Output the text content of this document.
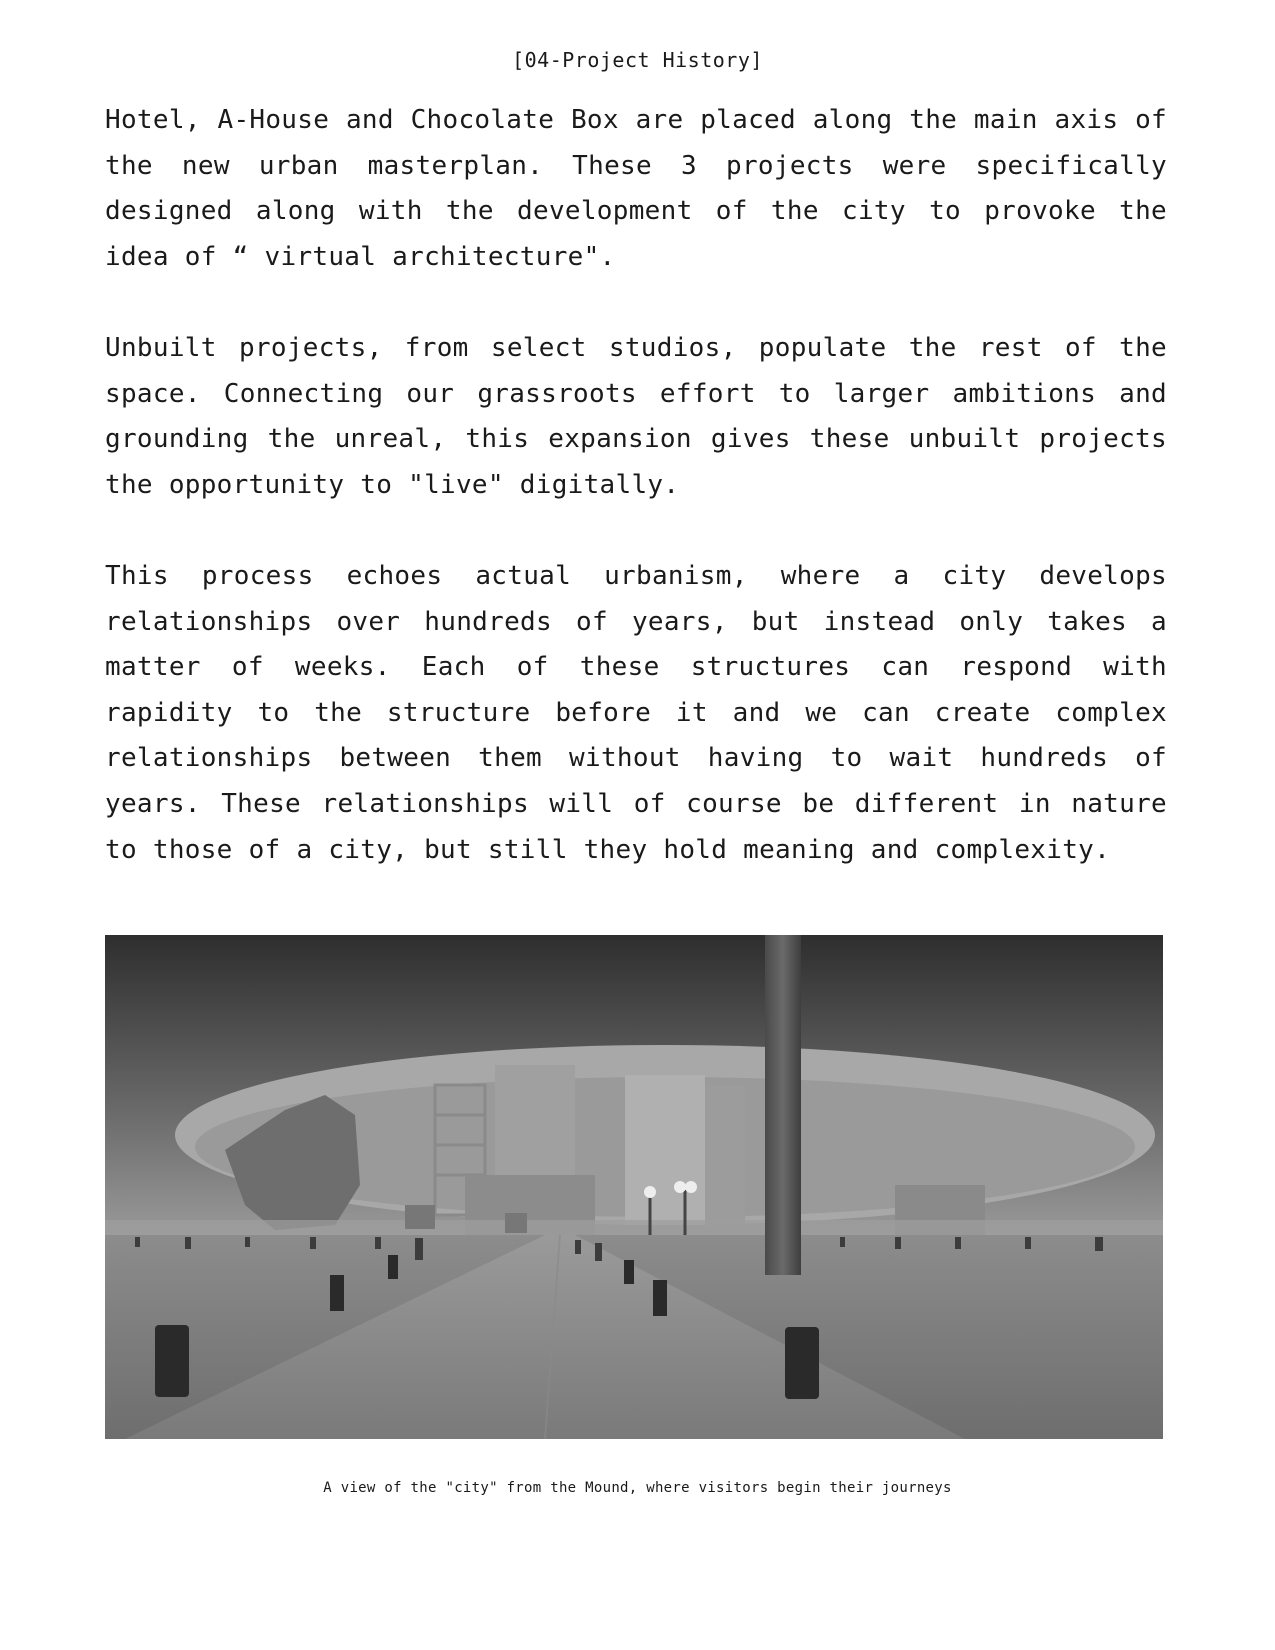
[04-Project History]

Hotel, A-House and Chocolate Box are placed along the main axis of the new urban masterplan. These 3 projects were specifically designed along with the development of the city to provoke the idea of “ virtual architecture".

Unbuilt projects, from select studios, populate the rest of the space. Connecting our grassroots effort to larger ambitions and grounding the unreal, this expansion gives these unbuilt projects the opportunity to "live" digitally.

This process echoes actual urbanism, where a city develops relationships over hundreds of years, but instead only takes a matter of weeks. Each of these structures can respond with rapidity to the structure before it and we can create complex relationships between them without having to wait hundreds of years. These relationships will of course be different in nature to those of a city, but still they hold meaning and complexity.

A view of the "city" from the Mound, where visitors begin their journeys
